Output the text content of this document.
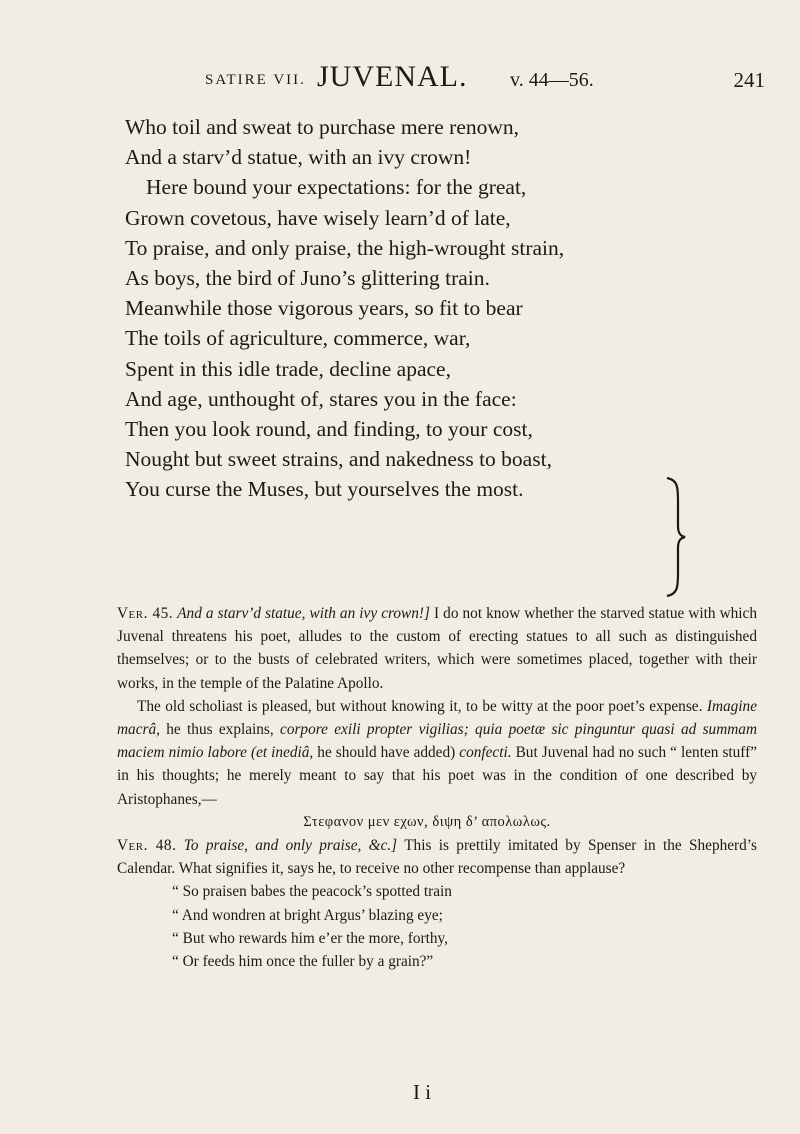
SATIRE VII. JUVENAL. v. 44—56.	241
Who toil and sweat to purchase mere renown,
And a starv’d statue, with an ivy crown!
Here bound your expectations: for the great,
Grown covetous, have wisely learn’d of late,
To praise, and only praise, the high-wrought strain,
As boys, the bird of Juno’s glittering train.
Meanwhile those vigorous years, so fit to bear
The toils of agriculture, commerce, war,
Spent in this idle trade, decline apace,
And age, unthought of, stares you in the face:
Then you look round, and finding, to your cost,
Nought but sweet strains, and nakedness to boast,
You curse the Muses, but yourselves the most.

Ver. 45. And a starv’d statue, with an ivy crown!] I do not know whether the starved statue with which Juvenal threatens his poet, alludes to the custom of erecting statues to all such as distinguished themselves; or to the busts of celebrated writers, which were sometimes placed, together with their works, in the temple of the Palatine Apollo.

The old scholiast is pleased, but without knowing it, to be witty at the poor poet’s expense. Imagine macrâ, he thus explains, corpore exili propter vigilias; quia poetæ sic pinguntur quasi ad summam maciem nimio labore (et inediâ, he should have added) confecti. But Juvenal had no such “ lenten stuff” in his thoughts; he merely meant to say that his poet was in the condition of one described by Aristophanes,—

Στεφανον μεν εχων, διψη δ’ απολωλως.

Ver. 48. To praise, and only praise, &c.] This is prettily imitated by Spenser in the Shepherd’s Calendar. What signifies it, says he, to receive no other recompense than applause?

“ So praisen babes the peacock’s spotted train
“ And wondren at bright Argus’ blazing eye;
“ But who rewards him e’er the more, forthy,
“ Or feeds him once the fuller by a grain?”
I i
